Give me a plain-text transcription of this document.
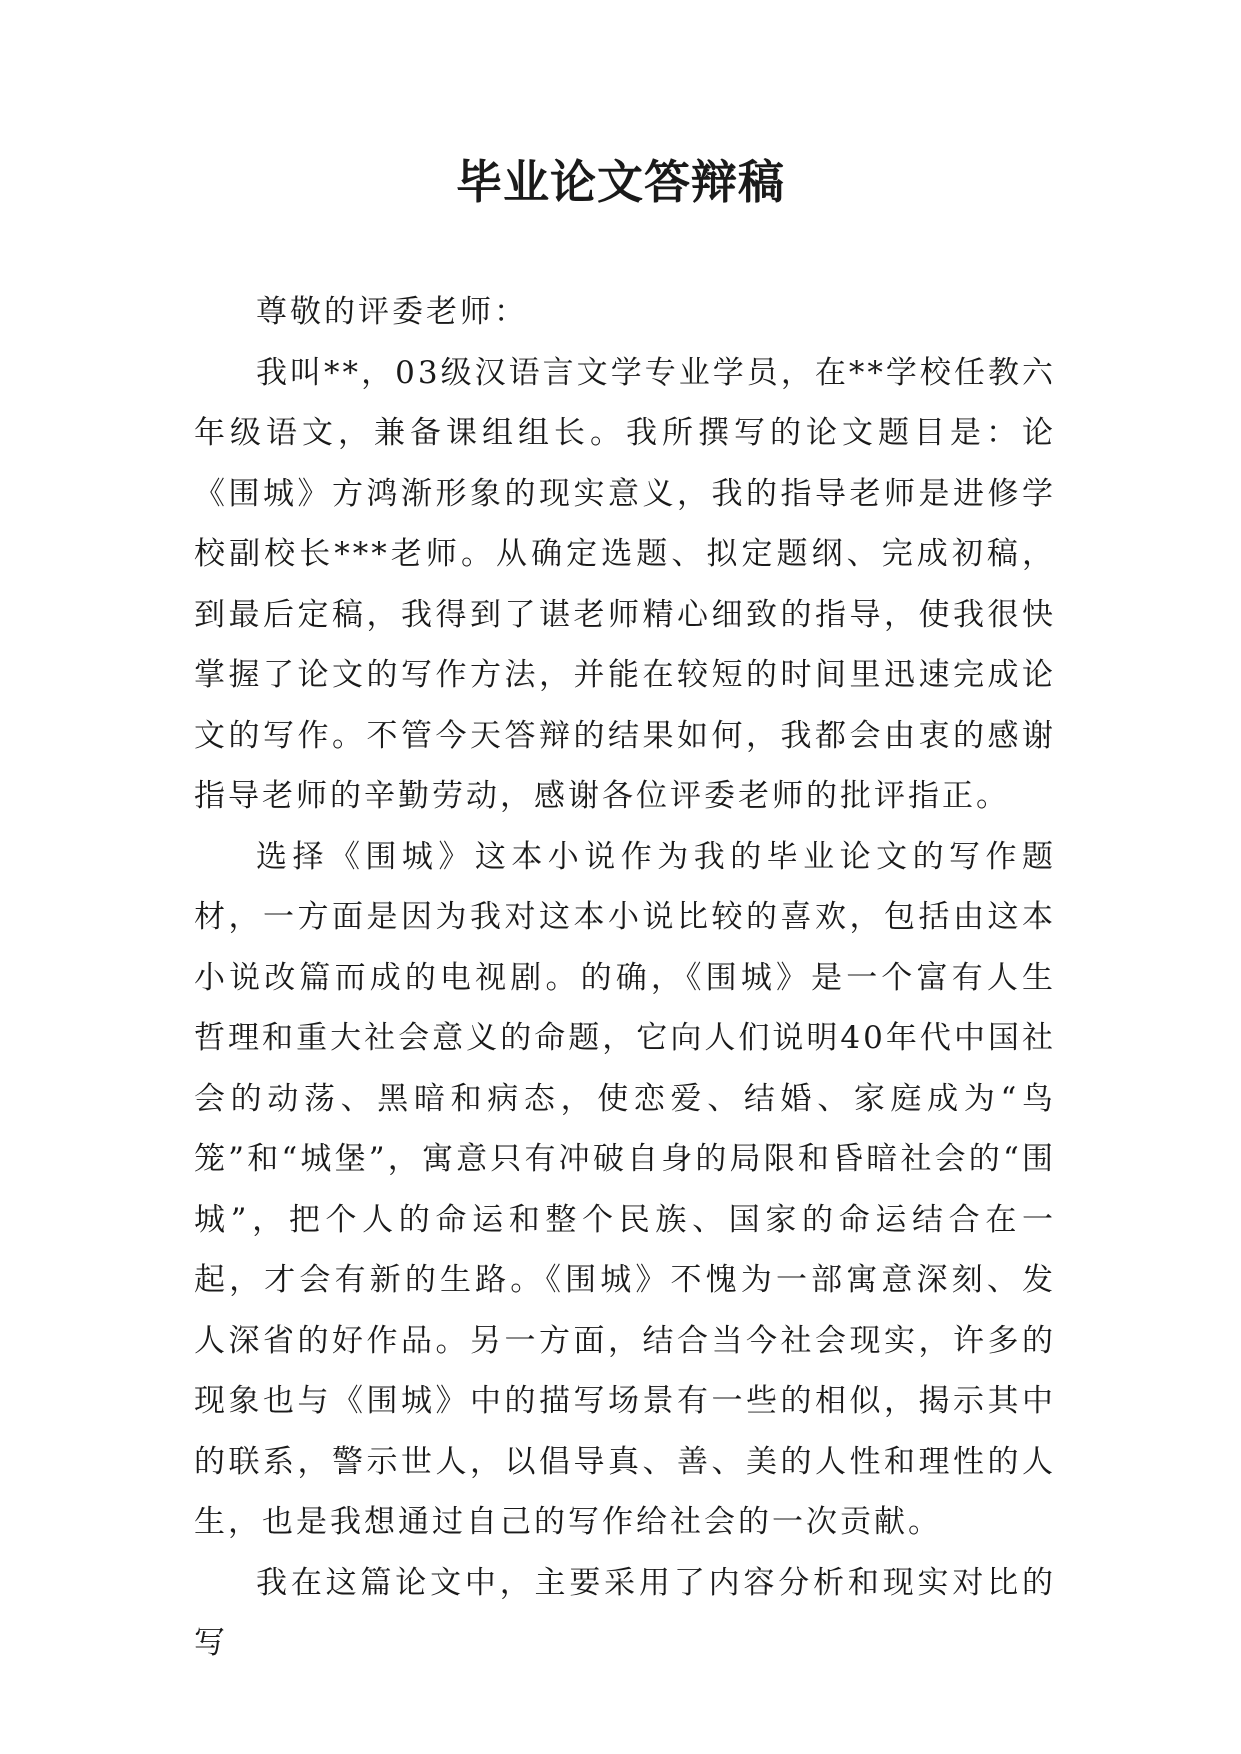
毕业论文答辩稿

尊敬的评委老师：

我叫**，03级汉语言文学专业学员，在**学校任教六年级语文，兼备课组组长。我所撰写的论文题目是：论《围城》方鸿渐形象的现实意义，我的指导老师是进修学校副校长***老师。从确定选题、拟定题纲、完成初稿，到最后定稿，我得到了谌老师精心细致的指导，使我很快掌握了论文的写作方法，并能在较短的时间里迅速完成论文的写作。不管今天答辩的结果如何，我都会由衷的感谢指导老师的辛勤劳动，感谢各位评委老师的批评指正。

选择《围城》这本小说作为我的毕业论文的写作题材，一方面是因为我对这本小说比较的喜欢，包括由这本小说改篇而成的电视剧。的确，《围城》是一个富有人生哲理和重大社会意义的命题，它向人们说明40年代中国社会的动荡、黑暗和病态，使恋爱、结婚、家庭成为“鸟笼”和“城堡”，寓意只有冲破自身的局限和昏暗社会的“围城”，把个人的命运和整个民族、国家的命运结合在一起，才会有新的生路。《围城》不愧为一部寓意深刻、发人深省的好作品。另一方面，结合当今社会现实，许多的现象也与《围城》中的描写场景有一些的相似，揭示其中的联系，警示世人，以倡导真、善、美的人性和理性的人生，也是我想通过自己的写作给社会的一次贡献。

我在这篇论文中，主要采用了内容分析和现实对比的写
